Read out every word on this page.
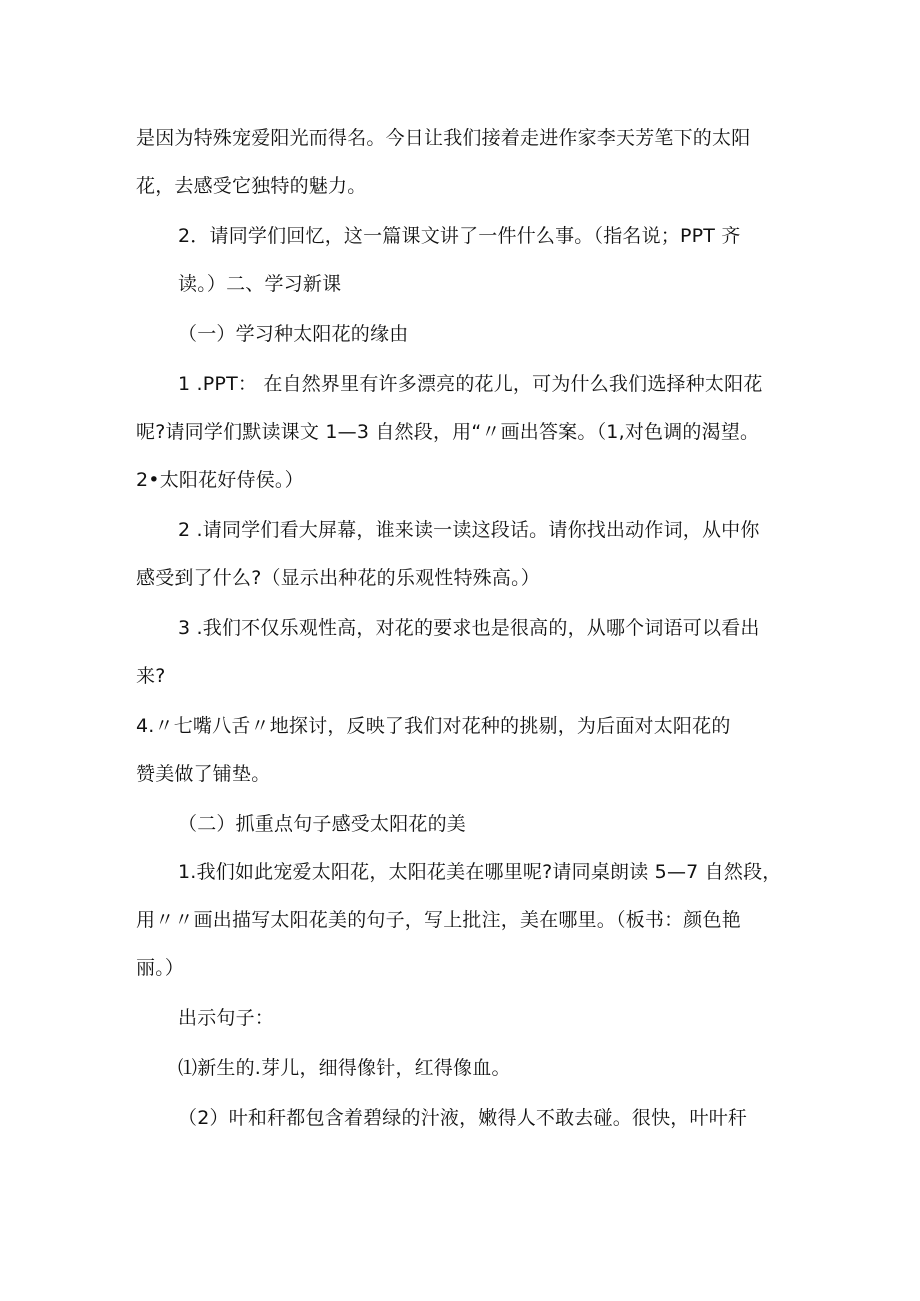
是因为特殊宠爱阳光而得名。今日让我们接着走进作家李天芳笔下的太阳
花，去感受它独特的魅力。
2．请同学们回忆，这一篇课文讲了一件什么事。（指名说；PPT 齐
读。）二、学习新课
（一）学习种太阳花的缘由
1 .PPT： 在自然界里有许多漂亮的花儿，可为什么我们选择种太阳花
呢?请同学们默读课文 1—3 自然段，用“〃画出答案。（1,对色调的渴望。
2•太阳花好侍侯。）
2 .请同学们看大屏幕，谁来读一读这段话。请你找出动作词，从中你
感受到了什么?（显示出种花的乐观性特殊高。）
3 .我们不仅乐观性高，对花的要求也是很高的，从哪个词语可以看出
来?
4.〃七嘴八舌〃地探讨，反映了我们对花种的挑剔，为后面对太阳花的
赞美做了铺垫。
（二）抓重点句子感受太阳花的美
1.我们如此宠爱太阳花，太阳花美在哪里呢?请同桌朗读 5—7 自然段，
用〃〃画出描写太阳花美的句子，写上批注，美在哪里。（板书：颜色艳
丽。）
出示句子：
⑴新生的.芽儿，细得像针，红得像血。
（2）叶和秆都包含着碧绿的汁液，嫩得人不敢去碰。很快，叶叶秆
